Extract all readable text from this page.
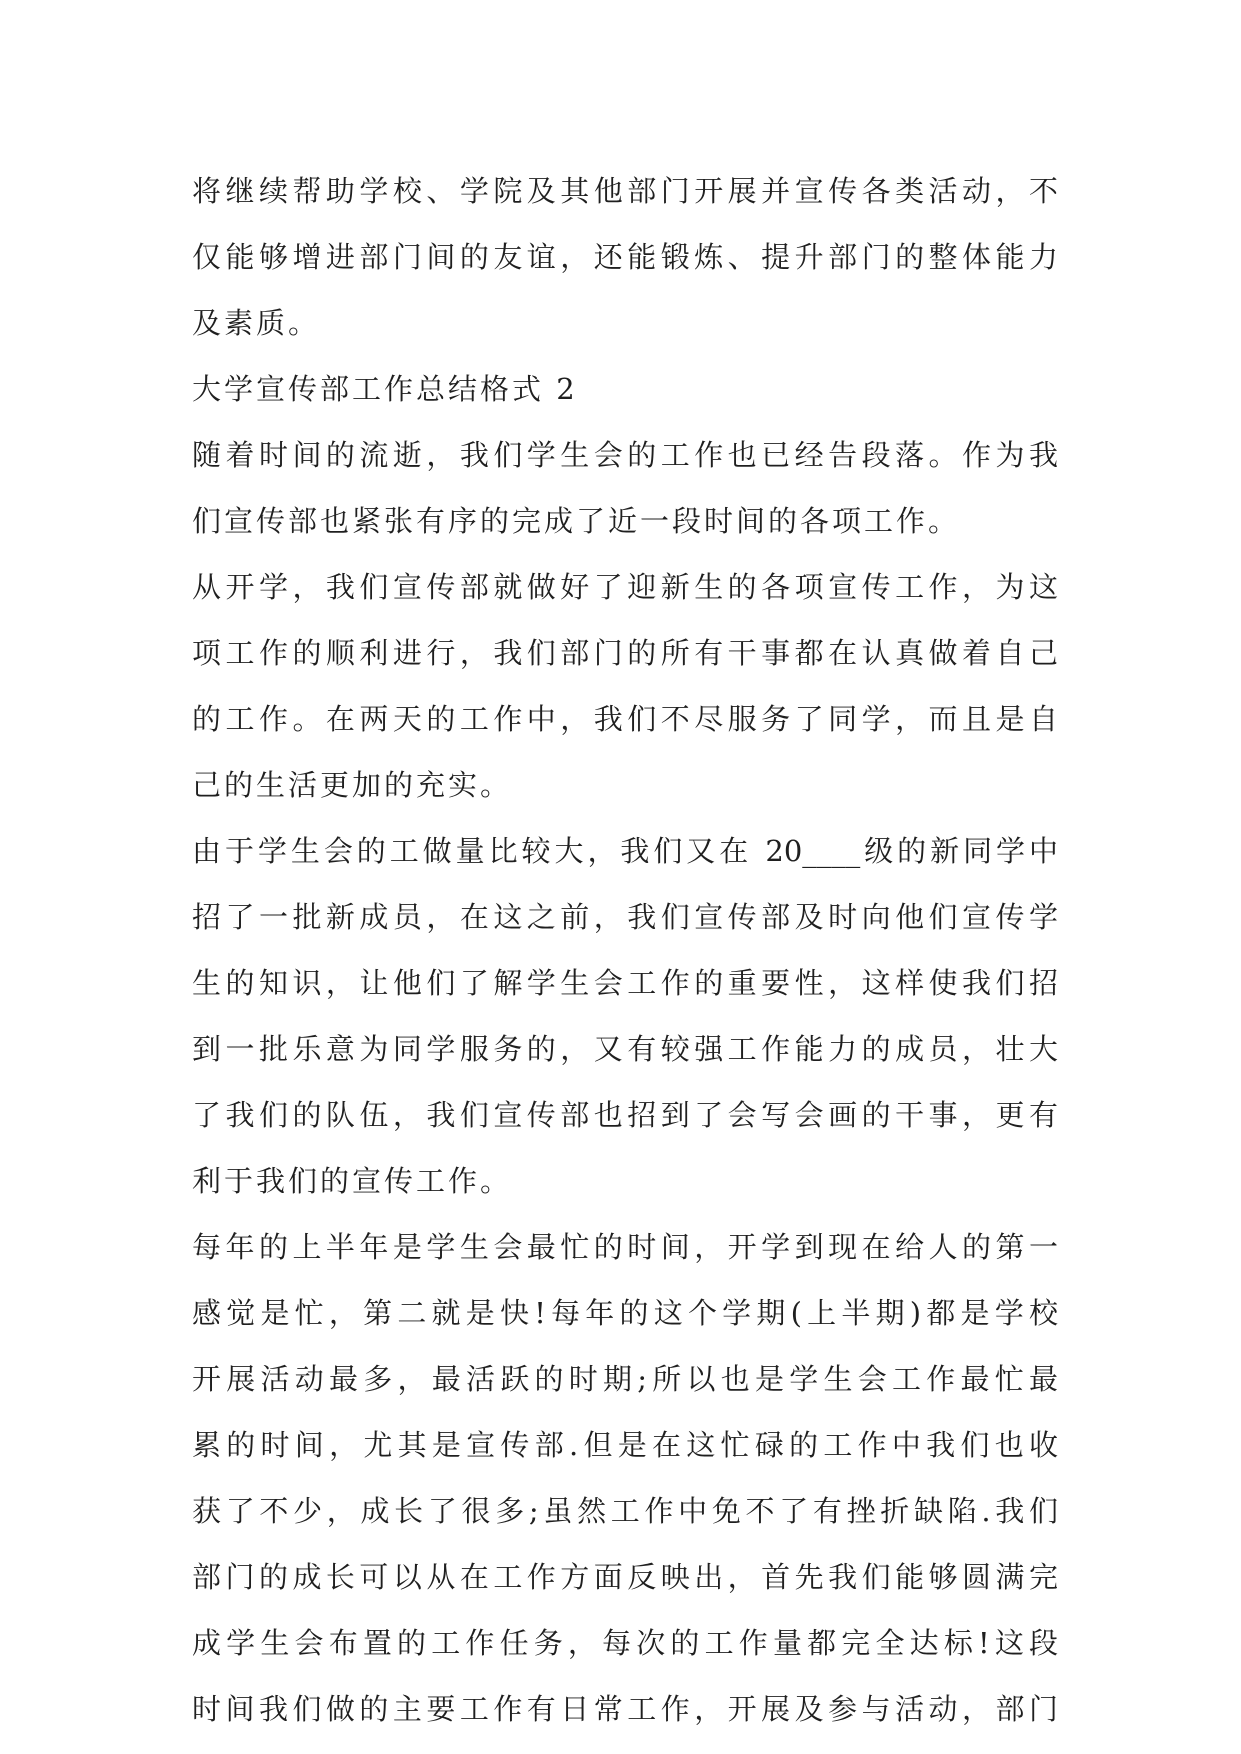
将继续帮助学校、学院及其他部门开展并宣传各类活动，不
仅能够增进部门间的友谊，还能锻炼、提升部门的整体能力
及素质。
大学宣传部工作总结格式 2
随着时间的流逝，我们学生会的工作也已经告段落。作为我
们宣传部也紧张有序的完成了近一段时间的各项工作。
从开学，我们宣传部就做好了迎新生的各项宣传工作，为这
项工作的顺利进行，我们部门的所有干事都在认真做着自己
的工作。在两天的工作中，我们不尽服务了同学，而且是自
己的生活更加的充实。
由于学生会的工做量比较大，我们又在 20____级的新同学中
招了一批新成员，在这之前，我们宣传部及时向他们宣传学
生的知识，让他们了解学生会工作的重要性，这样使我们招
到一批乐意为同学服务的，又有较强工作能力的成员，壮大
了我们的队伍，我们宣传部也招到了会写会画的干事，更有
利于我们的宣传工作。
每年的上半年是学生会最忙的时间，开学到现在给人的第一
感觉是忙，第二就是快!每年的这个学期(上半期)都是学校
开展活动最多，最活跃的时期;所以也是学生会工作最忙最
累的时间，尤其是宣传部.但是在这忙碌的工作中我们也收
获了不少，成长了很多;虽然工作中免不了有挫折缺陷.我们
部门的成长可以从在工作方面反映出，首先我们能够圆满完
成学生会布置的工作任务，每次的工作量都完全达标!这段
时间我们做的主要工作有日常工作，开展及参与活动，部门
